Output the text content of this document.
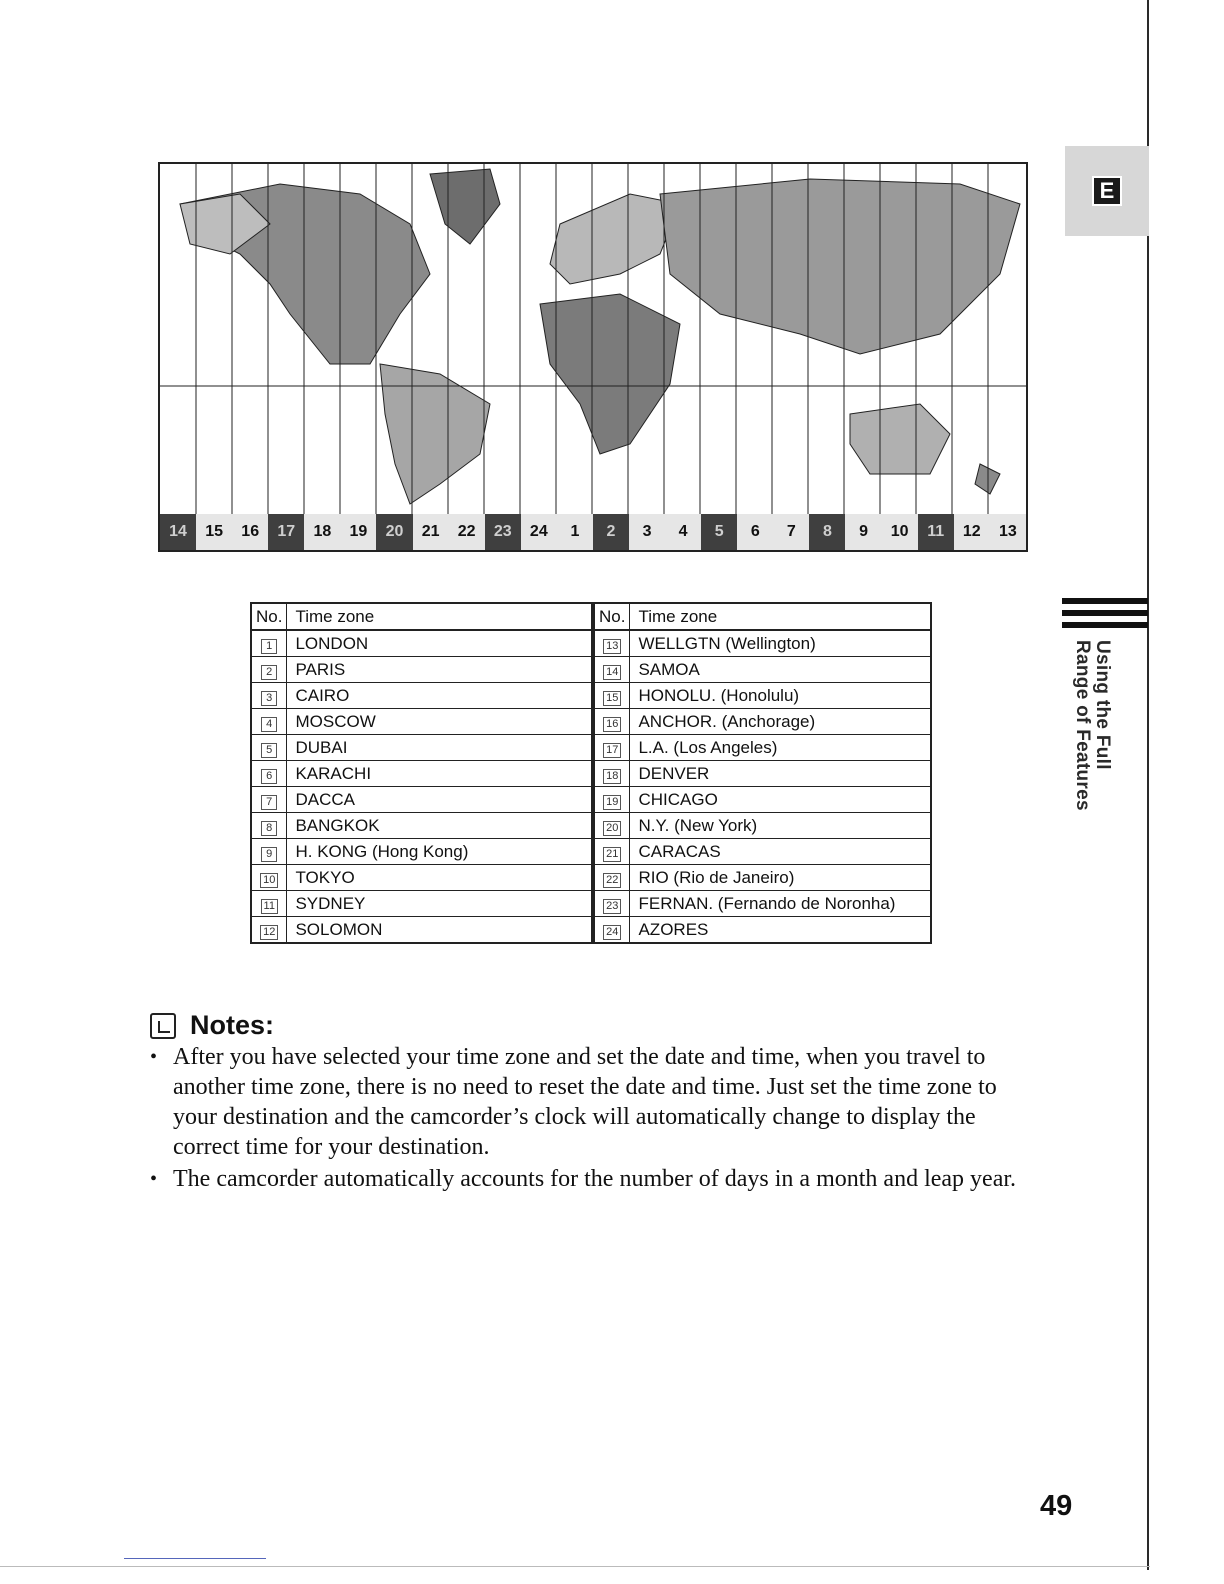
E
Using the Full Range of Features
14	15	16	17	18	19	20	21	22	23	24	1	2	3	4	5	6	7	8	9	10	11	12	13
No.	Time zone
1	LONDON
2	PARIS
3	CAIRO
4	MOSCOW
5	DUBAI
6	KARACHI
7	DACCA
8	BANGKOK
9	H. KONG (Hong Kong)
10	TOKYO
11	SYDNEY
12	SOLOMON
No.	Time zone
13	WELLGTN (Wellington)
14	SAMOA
15	HONOLU. (Honolulu)
16	ANCHOR. (Anchorage)
17	L.A. (Los Angeles)
18	DENVER
19	CHICAGO
20	N.Y. (New York)
21	CARACAS
22	RIO (Rio de Janeiro)
23	FERNAN. (Fernando de Noronha)
24	AZORES
Notes:
• After you have selected your time zone and set the date and time, when you travel to another time zone, there is no need to reset the date and time. Just set the time zone to your destination and the camcorder’s clock will automatically change to display the correct time for your destination.
• The camcorder automatically accounts for the number of days in a month and leap year.
49
